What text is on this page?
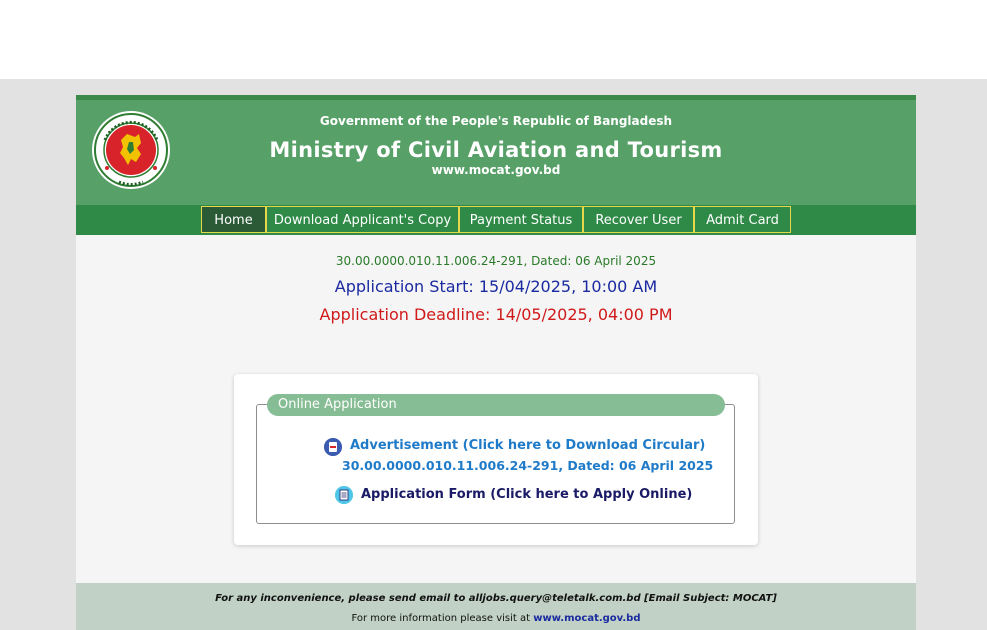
Government of the People's Republic of Bangladesh
Ministry of Civil Aviation and Tourism
www.mocat.gov.bd
Home	Download Applicant's Copy	Payment Status	Recover User	Admit Card
30.00.0000.010.11.006.24-291, Dated: 06 April 2025
Application Start: 15/04/2025, 10:00 AM
Application Deadline: 14/05/2025, 04:00 PM
Online Application
Advertisement (Click here to Download Circular)
30.00.0000.010.11.006.24-291, Dated: 06 April 2025
Application Form (Click here to Apply Online)
For any inconvenience, please send email to alljobs.query@teletalk.com.bd [Email Subject: MOCAT]
For more information please visit at www.mocat.gov.bd
